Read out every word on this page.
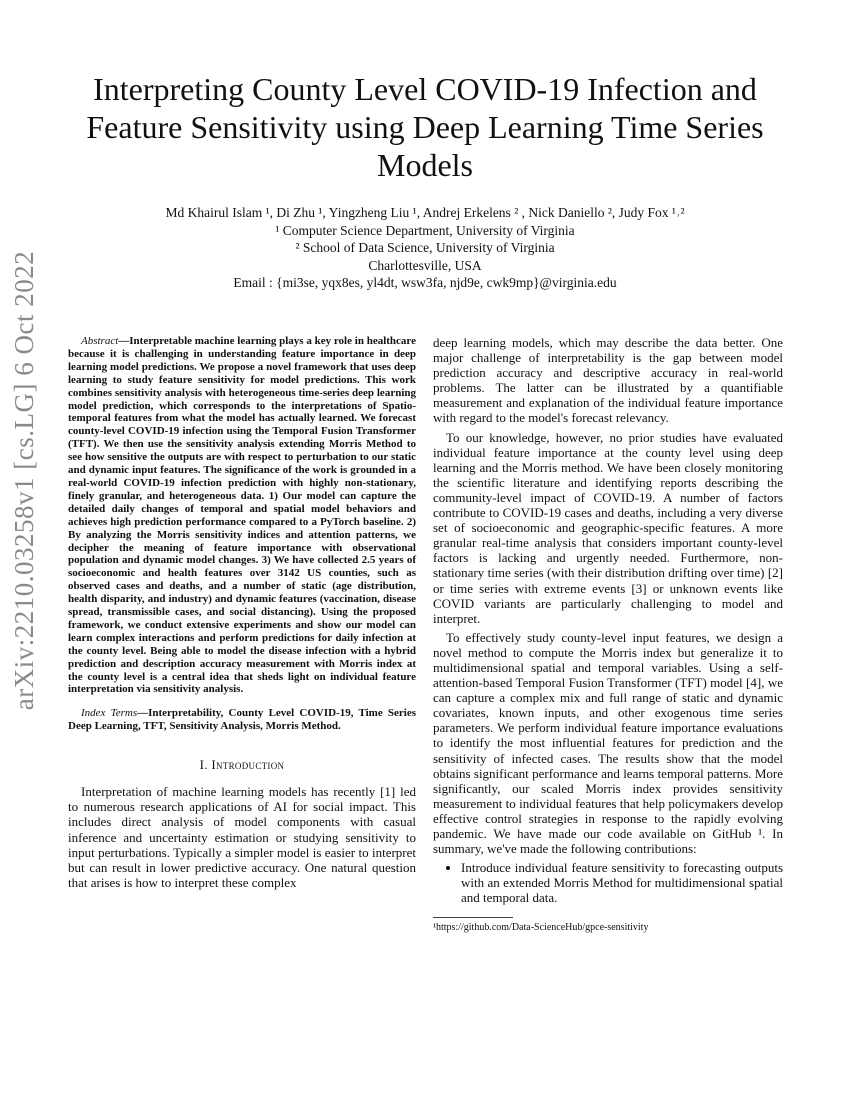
arXiv:2210.03258v1 [cs.LG] 6 Oct 2022
Interpreting County Level COVID-19 Infection and Feature Sensitivity using Deep Learning Time Series Models
Md Khairul Islam ¹, Di Zhu ¹, Yingzheng Liu ¹, Andrej Erkelens ² , Nick Daniello ², Judy Fox ¹˒²
¹ Computer Science Department, University of Virginia
² School of Data Science, University of Virginia
Charlottesville, USA
Email : {mi3se, yqx8es, yl4dt, wsw3fa, njd9e, cwk9mp}@virginia.edu

Abstract—Interpretable machine learning plays a key role in healthcare because it is challenging in understanding feature importance in deep learning model predictions. We propose a novel framework that uses deep learning to study feature sensitivity for model predictions. This work combines sensitivity analysis with heterogeneous time-series deep learning model prediction, which corresponds to the interpretations of Spatio-temporal features from what the model has actually learned. We forecast county-level COVID-19 infection using the Temporal Fusion Transformer (TFT). We then use the sensitivity analysis extending Morris Method to see how sensitive the outputs are with respect to perturbation to our static and dynamic input features. The significance of the work is grounded in a real-world COVID-19 infection prediction with highly non-stationary, finely granular, and heterogeneous data. 1) Our model can capture the detailed daily changes of temporal and spatial model behaviors and achieves high prediction performance compared to a PyTorch baseline. 2) By analyzing the Morris sensitivity indices and attention patterns, we decipher the meaning of feature importance with observational population and dynamic model changes. 3) We have collected 2.5 years of socioeconomic and health features over 3142 US counties, such as observed cases and deaths, and a number of static (age distribution, health disparity, and industry) and dynamic features (vaccination, disease spread, transmissible cases, and social distancing). Using the proposed framework, we conduct extensive experiments and show our model can learn complex interactions and perform predictions for daily infection at the county level. Being able to model the disease infection with a hybrid prediction and description accuracy measurement with Morris index at the county level is a central idea that sheds light on individual feature interpretation via sensitivity analysis.

Index Terms—Interpretability, County Level COVID-19, Time Series Deep Learning, TFT, Sensitivity Analysis, Morris Method.

I. Introduction

Interpretation of machine learning models has recently [1] led to numerous research applications of AI for social impact. This includes direct analysis of model components with casual inference and uncertainty estimation or studying sensitivity to input perturbations. Typically a simpler model is easier to interpret but can result in lower predictive accuracy. One natural question that arises is how to interpret these complex

deep learning models, which may describe the data better. One major challenge of interpretability is the gap between model prediction accuracy and descriptive accuracy in real-world problems. The latter can be illustrated by a quantifiable measurement and explanation of the individual feature importance with regard to the model's forecast relevancy.

To our knowledge, however, no prior studies have evaluated individual feature importance at the county level using deep learning and the Morris method. We have been closely monitoring the scientific literature and identifying reports describing the community-level impact of COVID-19. A number of factors contribute to COVID-19 cases and deaths, including a very diverse set of socioeconomic and geographic-specific features. A more granular real-time analysis that considers important county-level factors is lacking and urgently needed. Furthermore, non-stationary time series (with their distribution drifting over time) [2] or time series with extreme events [3] or unknown events like COVID variants are particularly challenging to model and interpret.

To effectively study county-level input features, we design a novel method to compute the Morris index but generalize it to multidimensional spatial and temporal variables. Using a self-attention-based Temporal Fusion Transformer (TFT) model [4], we can capture a complex mix and full range of static and dynamic covariates, known inputs, and other exogenous time series parameters. We perform individual feature importance evaluations to identify the most influential features for prediction and the sensitivity of infected cases. The results show that the model obtains significant performance and learns temporal patterns. More significantly, our scaled Morris index provides sensitivity measurement to individual features that help policymakers develop effective control strategies in response to the rapidly evolving pandemic. We have made our code available on GitHub ¹. In summary, we've made the following contributions:

• Introduce individual feature sensitivity to forecasting outputs with an extended Morris Method for multidimensional spatial and temporal data.
¹https://github.com/Data-ScienceHub/gpce-sensitivity
